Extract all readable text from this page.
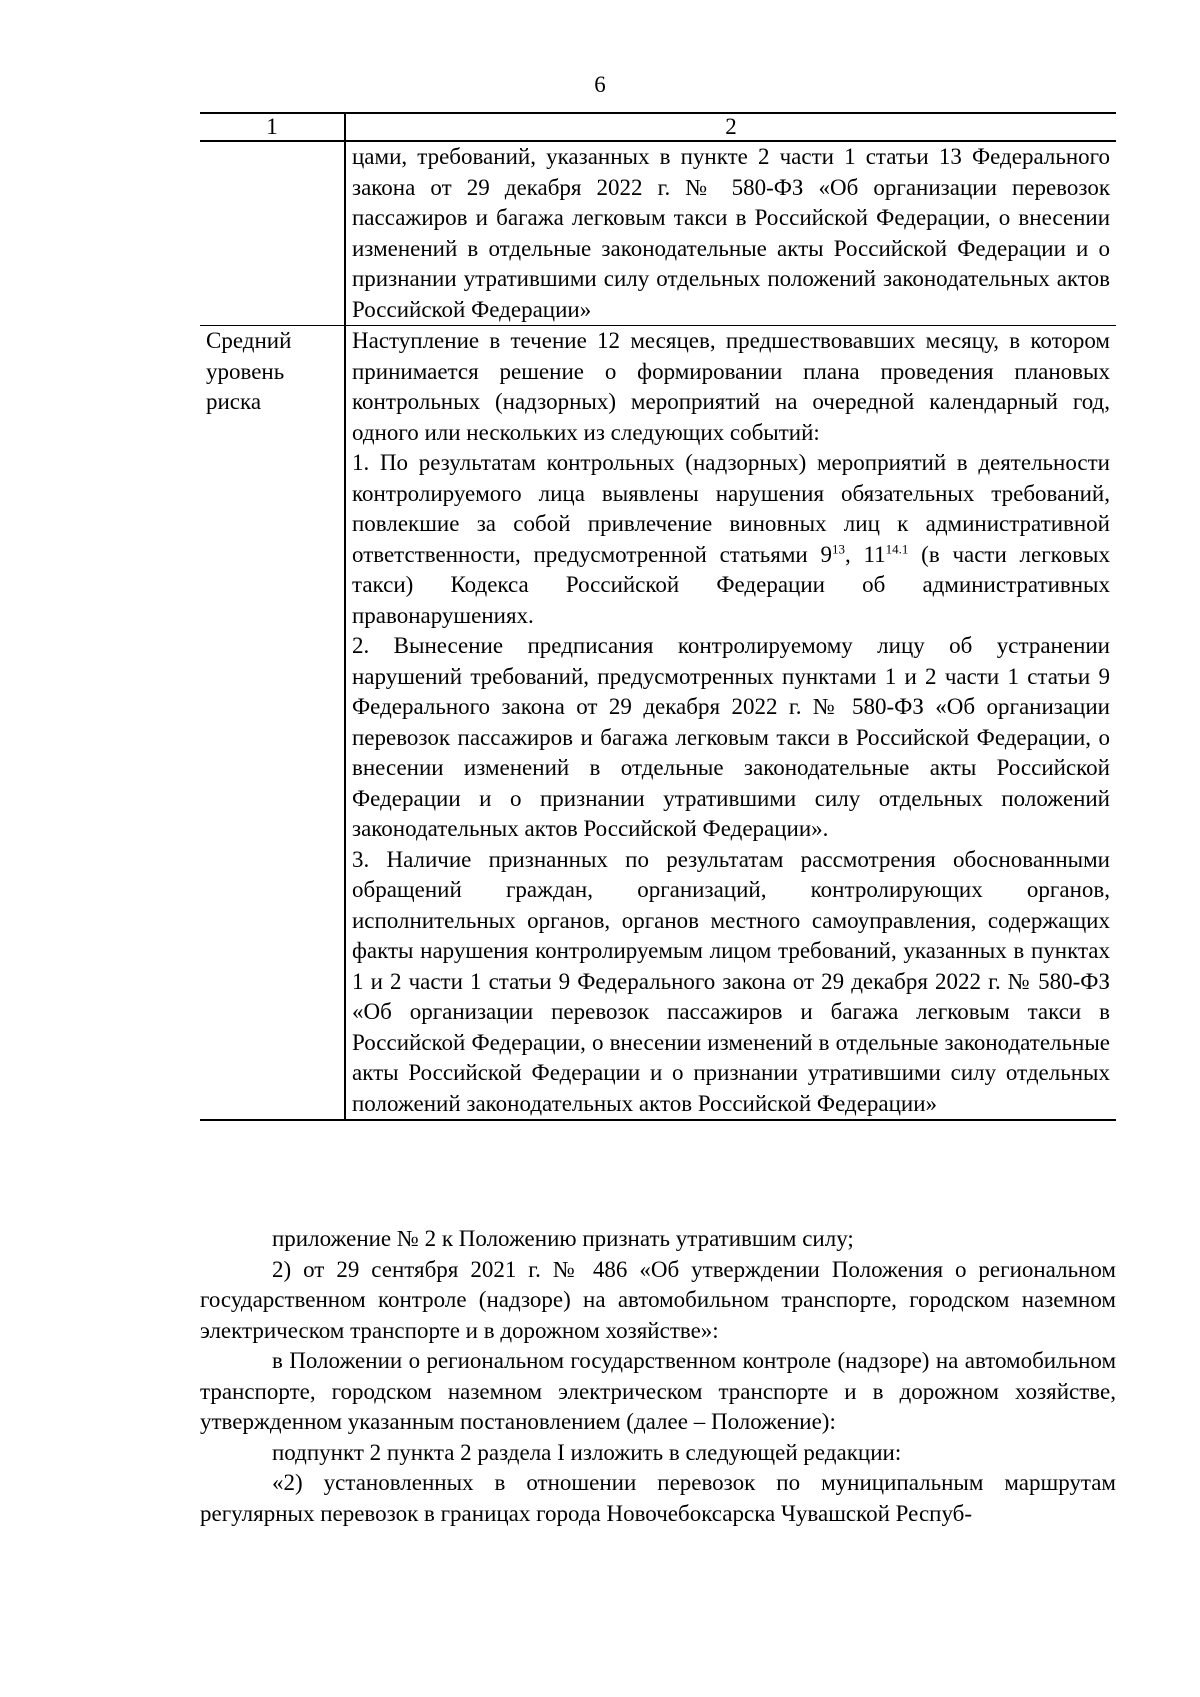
6
1	2

	цами, требований, указанных в пункте 2 части 1 статьи 13 Федерального закона от 29 декабря 2022 г. № 580-ФЗ «Об организации перевозок пассажиров и багажа легковым такси в Российской Федерации, о внесении изменений в отдельные законодательные акты Российской Федерации и о признании утратившими силу отдельных положений законодательных актов Российской Федерации»

Средний уровень риска	Наступление в течение 12 месяцев, предшествовавших месяцу, в котором принимается решение о формировании плана проведения плановых контрольных (надзорных) мероприятий на очередной календарный год, одного или нескольких из следующих событий:
1. По результатам контрольных (надзорных) мероприятий в деятельности контролируемого лица выявлены нарушения обязательных требований, повлекшие за собой привлечение виновных лиц к административной ответственности, предусмотренной статьями $9^{13}$, $11^{14.1}$ (в части легковых такси) Кодекса Российской Федерации об административных правонарушениях.
2. Вынесение предписания контролируемому лицу об устранении нарушений требований, предусмотренных пунктами 1 и 2 части 1 статьи 9 Федерального закона от 29 декабря 2022 г. № 580-ФЗ «Об организации перевозок пассажиров и багажа легковым такси в Российской Федерации, о внесении изменений в отдельные законодательные акты Российской Федерации и о признании утратившими силу отдельных положений законодательных актов Российской Федерации».
3. Наличие признанных по результатам рассмотрения обоснованными обращений граждан, организаций, контролирующих органов, исполнительных органов, органов местного самоуправления, содержащих факты нарушения контролируемым лицом требований, указанных в пунктах 1 и 2 части 1 статьи 9 Федерального закона от 29 декабря 2022 г. № 580-ФЗ «Об организации перевозок пассажиров и багажа легковым такси в Российской Федерации, о внесении изменений в отдельные законодательные акты Российской Федерации и о признании утратившими силу отдельных положений законодательных актов Российской Федерации»

приложение № 2 к Положению признать утратившим силу;

2) от 29 сентября 2021 г. № 486 «Об утверждении Положения о региональном государственном контроле (надзоре) на автомобильном транспорте, городском наземном электрическом транспорте и в дорожном хозяйстве»:

в Положении о региональном государственном контроле (надзоре) на автомобильном транспорте, городском наземном электрическом транспорте и в дорожном хозяйстве, утвержденном указанным постановлением (далее – Положение):

подпункт 2 пункта 2 раздела I изложить в следующей редакции:

«2) установленных в отношении перевозок по муниципальным маршрутам регулярных перевозок в границах города Новочебоксарска Чувашской Респуб-
